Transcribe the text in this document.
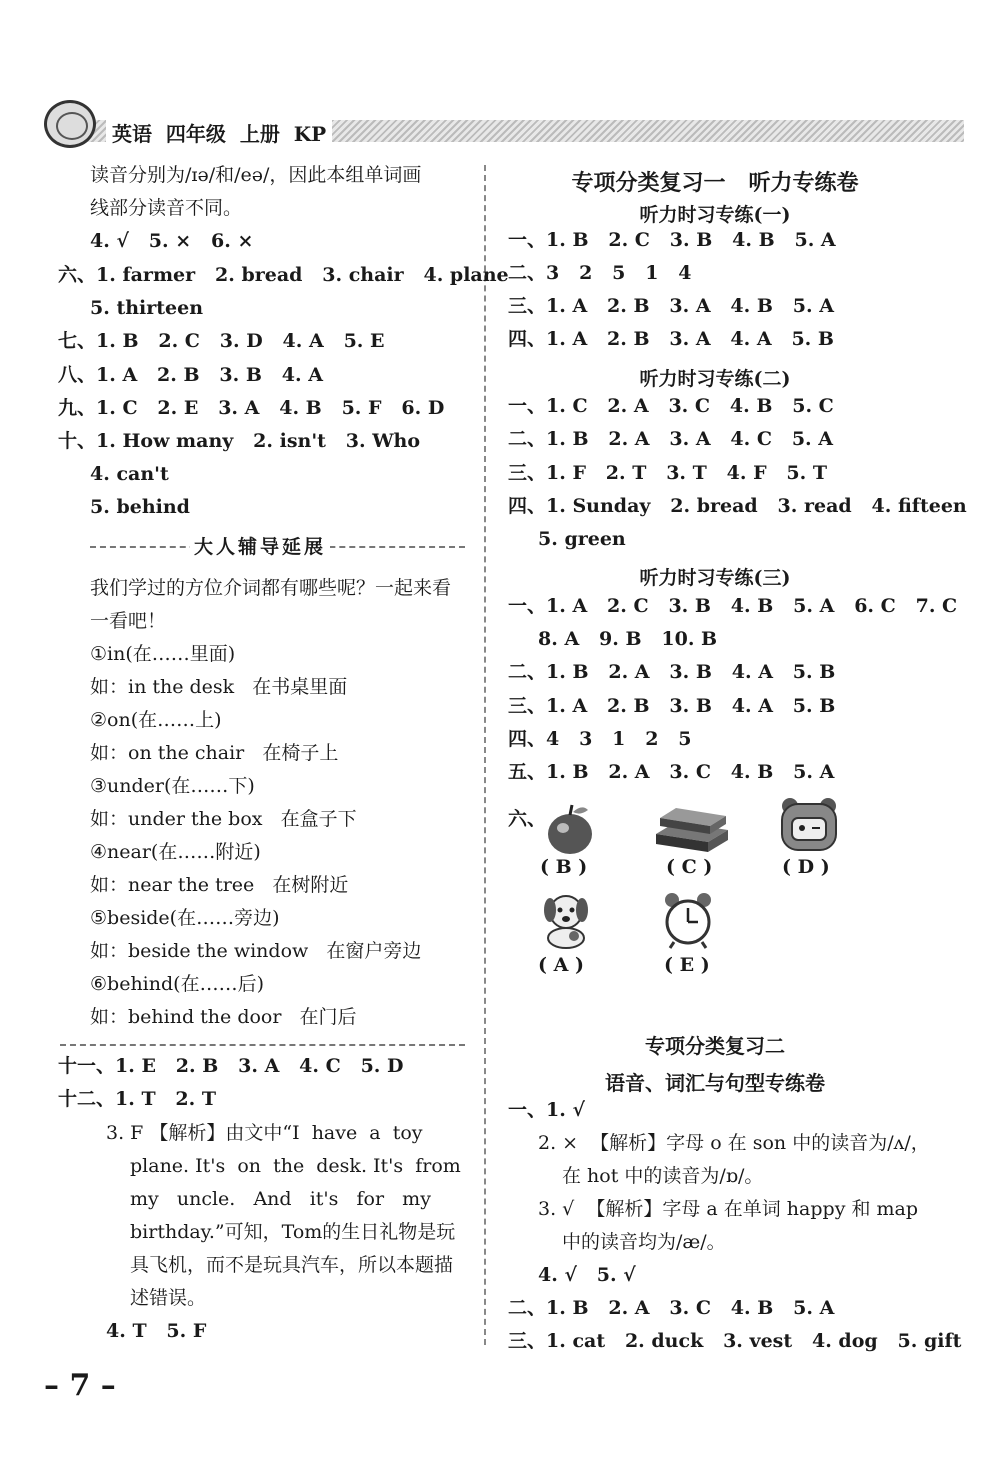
英语  四年级  上册  KP
读音分别为/ɪə/和/eə/，因此本组单词画
线部分读音不同。
4. √   5. ×   6. ×
六、1. farmer   2. bread   3. chair   4. plane
5. thirteen
七、1. B   2. C   3. D   4. A   5. E
八、1. A   2. B   3. B   4. A
九、1. C   2. E   3. A   4. B   5. F   6. D
十、1. How many   2. isn't   3. Who
4. can't
5. behind
大人辅导延展
我们学过的方位介词都有哪些呢？一起来看
一看吧！
①in(在……里面)
如：in the desk   在书桌里面
②on(在……上)
如：on the chair   在椅子上
③under(在……下)
如：under the box   在盒子下
④near(在……附近)
如：near the tree   在树附近
⑤beside(在……旁边)
如：beside the window   在窗户旁边
⑥behind(在……后)
如：behind the door   在门后
十一、1. E   2. B   3. A   4. C   5. D
十二、1. T   2. T
3. F 【解析】由文中“I  have  a  toy
plane. It's  on  the  desk. It's  from
my   uncle.   And   it's   for   my
birthday.”可知，Tom的生日礼物是玩
具飞机，而不是玩具汽车，所以本题描
述错误。
4. T   5. F
– 7 –
专项分类复习一   听力专练卷
听力时习专练(一)
一、1. B   2. C   3. B   4. B   5. A
二、3   2   5   1   4
三、1. A   2. B   3. A   4. B   5. A
四、1. A   2. B   3. A   4. A   5. B
听力时习专练(二)
一、1. C   2. A   3. C   4. B   5. C
二、1. B   2. A   3. A   4. C   5. A
三、1. F   2. T   3. T   4. F   5. T
四、1. Sunday   2. bread   3. read   4. fifteen
5. green
听力时习专练(三)
一、1. A   2. C   3. B   4. B   5. A   6. C   7. C
8. A   9. B   10. B
二、1. B   2. A   3. B   4. A   5. B
三、1. A   2. B   3. B   4. A   5. B
四、4   3   1   2   5
五、1. B   2. A   3. C   4. B   5. A
六、
( B )	( C )	( D )
( A )	( E )
专项分类复习二
语音、词汇与句型专练卷
一、1. √
2. ×  【解析】字母 o 在 son 中的读音为/ʌ/，
在 hot 中的读音为/ɒ/。
3. √  【解析】字母 a 在单词 happy 和 map
中的读音均为/æ/。
4. √   5. √
二、1. B   2. A   3. C   4. B   5. A
三、1. cat   2. duck   3. vest   4. dog   5. gift
